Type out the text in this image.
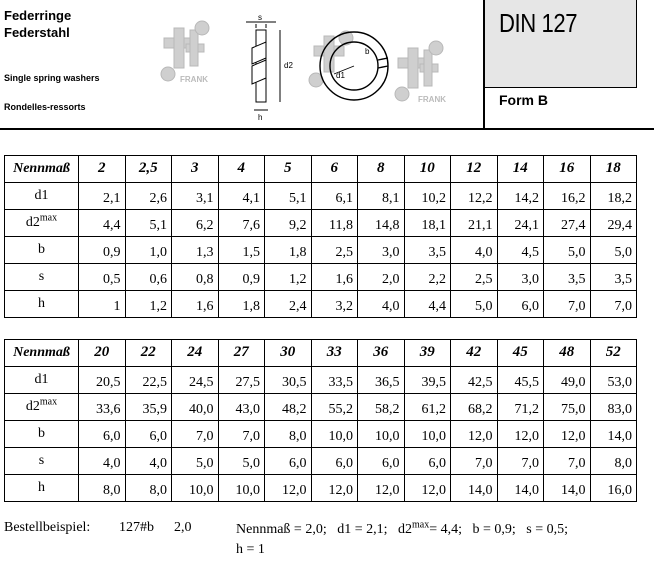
Federringe
Federstahl
Single spring washers
Rondelles-ressorts
FRANK
s
d2
h
b
d1
FRANK
DIN 127
Form B
Nennmaß	2	2,5	3	4	5	6	8	10	12	14	16	18
d1	2,1	2,6	3,1	4,1	5,1	6,1	8,1	10,2	12,2	14,2	16,2	18,2
$d2^{max}$	4,4	5,1	6,2	7,6	9,2	11,8	14,8	18,1	21,1	24,1	27,4	29,4
b	0,9	1,0	1,3	1,5	1,8	2,5	3,0	3,5	4,0	4,5	5,0	5,0
s	0,5	0,6	0,8	0,9	1,2	1,6	2,0	2,2	2,5	3,0	3,5	3,5
h	1	1,2	1,6	1,8	2,4	3,2	4,0	4,4	5,0	6,0	7,0	7,0
Nennmaß	20	22	24	27	30	33	36	39	42	45	48	52
d1	20,5	22,5	24,5	27,5	30,5	33,5	36,5	39,5	42,5	45,5	49,0	53,0
$d2^{max}$	33,6	35,9	40,0	43,0	48,2	55,2	58,2	61,2	68,2	71,2	75,0	83,0
b	6,0	6,0	7,0	7,0	8,0	10,0	10,0	10,0	12,0	12,0	12,0	14,0
s	4,0	4,0	5,0	5,0	6,0	6,0	6,0	6,0	7,0	7,0	7,0	8,0
h	8,0	8,0	10,0	10,0	12,0	12,0	12,0	12,0	14,0	14,0	14,0	16,0
Bestellbeispiel: 127#b 2,0	Nennmaß = 2,0;   d1 = 2,1;   $d2^{max}= 4,4$;   b = 0,9;   s = 0,5;
h = 1
